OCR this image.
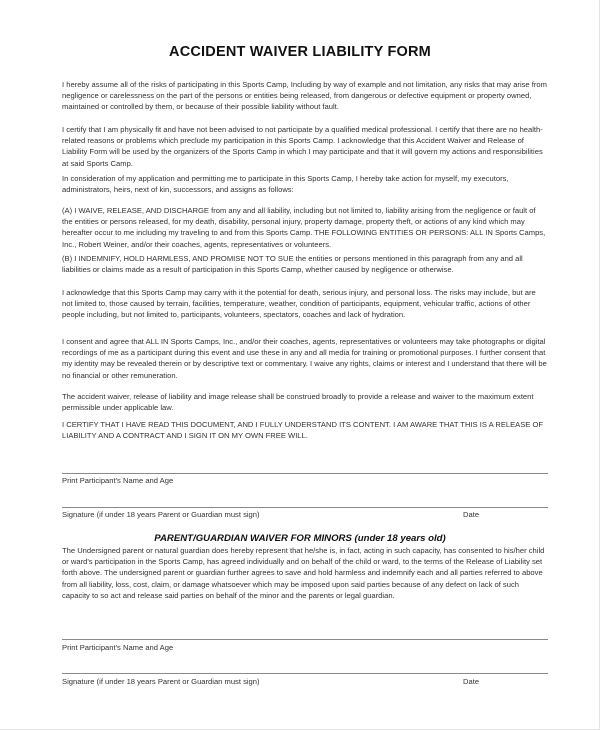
ACCIDENT WAIVER LIABILITY FORM

I hereby assume all of the risks of participating in this Sports Camp, Including by way of example and not limitation, any risks that may arise from negligence or carelessness on the part of the persons or entities being released, from dangerous or defective equipment or property owned, maintained or controlled by them, or because of their possible liability without fault.

I certify that I am physically fit and have not been advised to not participate by a qualified medical professional. I certify that there are no health-related reasons or problems which preclude my participation in this Sports Camp. I acknowledge that this Accident Waiver and Release of Liability Form will be used by the organizers of the Sports Camp in which I may participate and that it will govern my actions and responsibilities at said Sports Camp.

In consideration of my application and permitting me to participate in this Sports Camp, I hereby take action for myself, my executors, administrators, heirs, next of kin, successors, and assigns as follows:

(A) I WAIVE, RELEASE, AND DISCHARGE from any and all liability, including but not limited to, liability arising from the negligence or fault of the entities or persons released, for my death, disability, personal injury, property damage, property theft, or actions of any kind which may hereafter occur to me including my traveling to and from this Sports Camp. THE FOLLOWING ENTITIES OR PERSONS: ALL IN Sports Camps, Inc., Robert Weiner, and/or their coaches, agents, representatives or volunteers.

(B) I INDEMNIFY, HOLD HARMLESS, AND PROMISE NOT TO SUE the entities or persons mentioned in this paragraph from any and all liabilities or claims made as a result of participation in this Sports Camp, whether caused by negligence or otherwise.

I acknowledge that this Sports Camp may carry with it the potential for death, serious injury, and personal loss. The risks may include, but are not limited to, those caused by terrain, facilities, temperature, weather, condition of participants, equipment, vehicular traffic, actions of other people including, but not limited to, participants, volunteers, spectators, coaches and lack of hydration.

I consent and agree that ALL IN Sports Camps, Inc., and/or their coaches, agents, representatives or volunteers may take photographs or digital recordings of me as a participant during this event and use these in any and all media for training or promotional purposes. I further consent that my identity may be revealed therein or by descriptive text or commentary. I waive any rights, claims or interest and I understand that there will be no financial or other remuneration.

The accident waiver, release of liability and image release shall be construed broadly to provide a release and waiver to the maximum extent permissible under applicable law.

I CERTIFY THAT I HAVE READ THIS DOCUMENT, AND I FULLY UNDERSTAND ITS CONTENT. I AM AWARE THAT THIS IS A RELEASE OF LIABILITY AND A CONTRACT AND I SIGN IT ON MY OWN FREE WILL.

Print Participant's Name and Age
Signature (if under 18 years Parent or Guardian must sign)	Date
PARENT/GUARDIAN WAIVER FOR MINORS (under 18 years old)

The Undersigned parent or natural guardian does hereby represent that he/she is, in fact, acting in such capacity, has consented to his/her child or ward's participation in the Sports Camp, has agreed individually and on behalf of the child or ward, to the terms of the Release of Liability set forth above. The undersigned parent or guardian further agrees to save and hold harmless and indemnify each and all parties referred to above from all liability, loss, cost, claim, or damage whatsoever which may be imposed upon said parties because of any defect on lack of such capacity to so act and release said parties on behalf of the minor and the parents or legal guardian.

Print Participant's Name and Age
Signature (if under 18 years Parent or Guardian must sign)	Date
